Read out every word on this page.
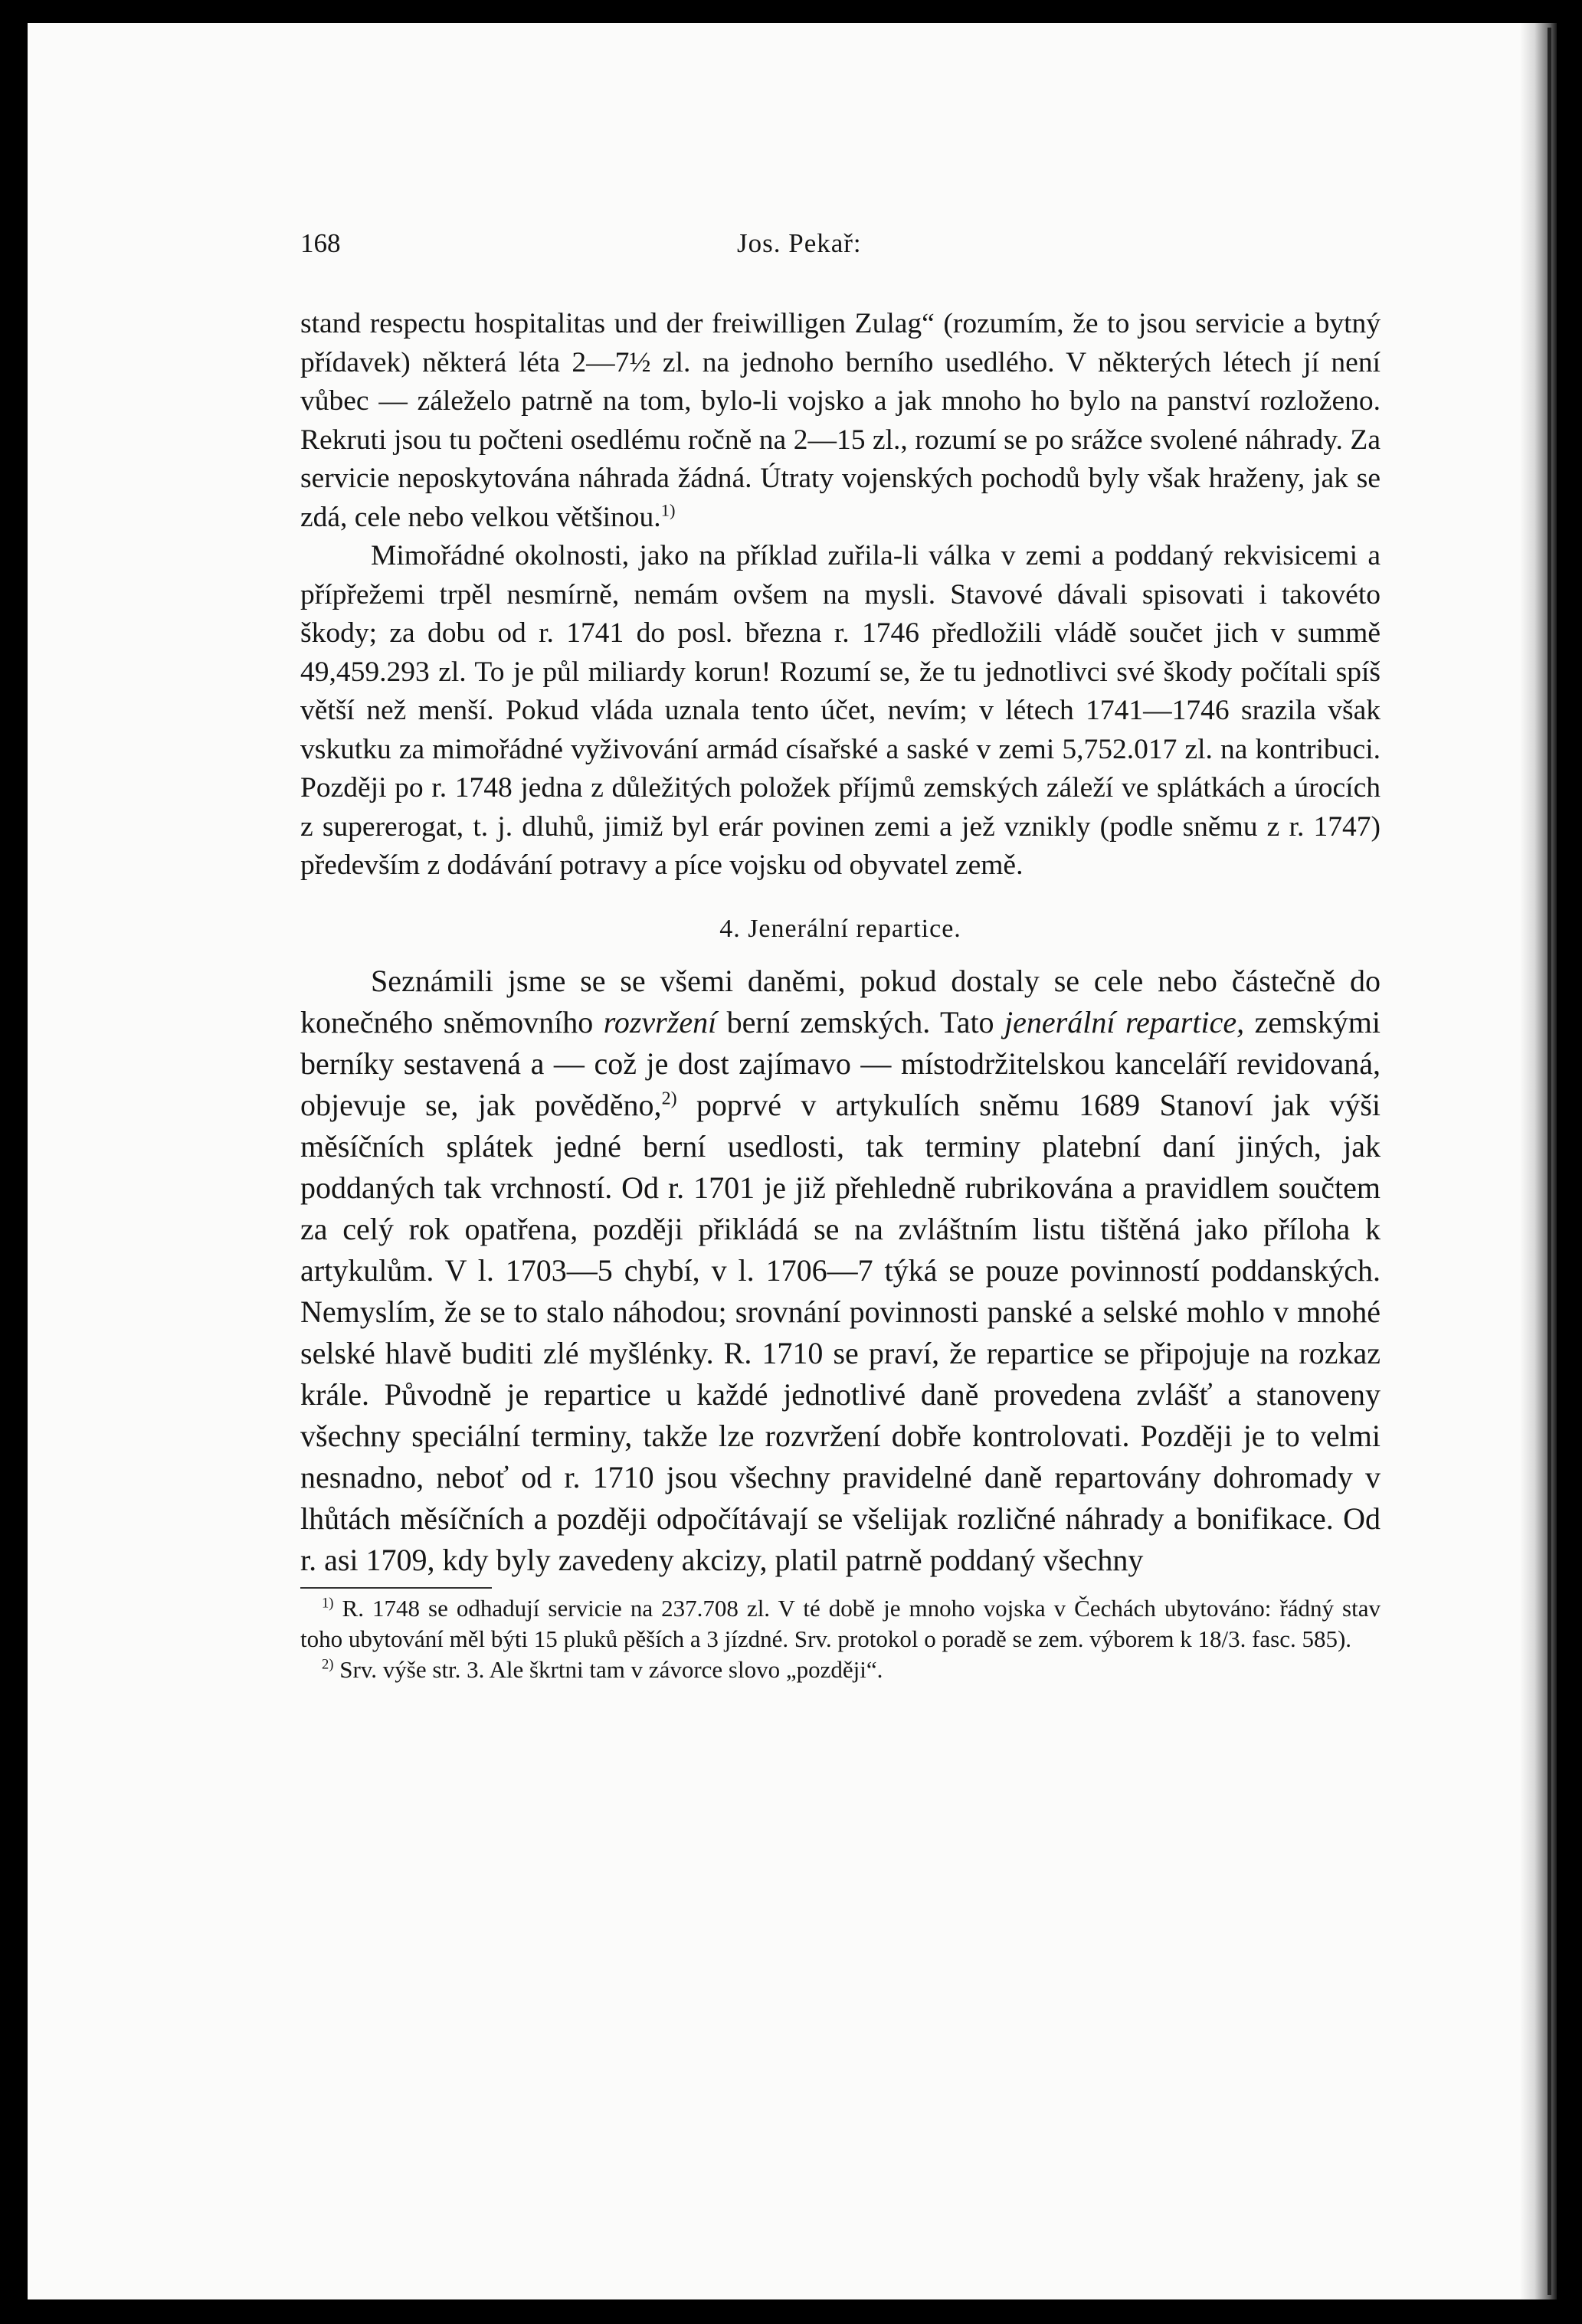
168	Jos. Pekař:

stand respectu hospitalitas und der freiwilligen Zulag“ (rozumím, že to jsou servicie a bytný přídavek) některá léta 2—7½ zl. na jednoho berního usedlého. V některých létech jí není vůbec — záleželo patrně na tom, bylo-li vojsko a jak mnoho ho bylo na panství rozloženo. Rekruti jsou tu počteni osedlému ročně na 2—15 zl., rozumí se po srážce svolené náhrady. Za servicie neposkytována náhrada žádná. Útraty vojenských pochodů byly však hraženy, jak se zdá, cele nebo velkou většinou.$^{1)}$

Mimořádné okolnosti, jako na příklad zuřila-li válka v zemi a poddaný rekvisicemi a přípřežemi trpěl nesmírně, nemám ovšem na mysli. Stavové dávali spisovati i takovéto škody; za dobu od r. 1741 do posl. března r. 1746 předložili vládě součet jich v summě 49,459.293 zl. To je půl miliardy korun! Rozumí se, že tu jednotlivci své škody počítali spíš větší než menší. Pokud vláda uznala tento účet, nevím; v létech 1741—1746 srazila však vskutku za mimořádné vyživování armád císařské a saské v zemi 5,752.017 zl. na kontribuci. Později po r. 1748 jedna z důležitých položek příjmů zemských záleží ve splátkách a úrocích z supererogat, t. j. dluhů, jimiž byl erár povinen zemi a jež vznikly (podle sněmu z r. 1747) především z dodávání potravy a píce vojsku od obyvatel země.

4. Jenerální repartice.

Seznámili jsme se se všemi daněmi, pokud dostaly se cele nebo částečně do konečného sněmovního rozvržení berní zemských. Tato jenerální repartice, zemskými berníky sestavená a — což je dost zajímavo — místodržitelskou kanceláří revidovaná, objevuje se, jak pověděno,$^{2)}$ poprvé v artykulích sněmu 1689 Stanoví jak výši měsíčních splátek jedné berní usedlosti, tak terminy platební daní jiných, jak poddaných tak vrchností. Od r. 1701 je již přehledně rubrikována a pravidlem součtem za celý rok opatřena, později přikládá se na zvláštním listu tištěná jako příloha k artykulům. V l. 1703—5 chybí, v l. 1706—7 týká se pouze povinností poddanských. Nemyslím, že se to stalo náhodou; srovnání povinnosti panské a selské mohlo v mnohé selské hlavě buditi zlé myšlénky. R. 1710 se praví, že repartice se připojuje na rozkaz krále. Původně je repartice u každé jednotlivé daně provedena zvlášť a stanoveny všechny speciální terminy, takže lze rozvržení dobře kontrolovati. Později je to velmi nesnadno, neboť od r. 1710 jsou všechny pravidelné daně repartovány dohromady v lhůtách měsíčních a později odpočítávají se všelijak rozličné náhrady a bonifikace. Od r. asi 1709, kdy byly zavedeny akcizy, platil patrně poddaný všechny

$^{1)}$ R. 1748 se odhadují servicie na 237.708 zl. V té době je mnoho vojska v Čechách ubytováno: řádný stav toho ubytování měl býti 15 pluků pěších a 3 jízdné. Srv. protokol o poradě se zem. výborem k 18/3. fasc. 585).

$^{2)}$ Srv. výše str. 3. Ale škrtni tam v závorce slovo „později“.
